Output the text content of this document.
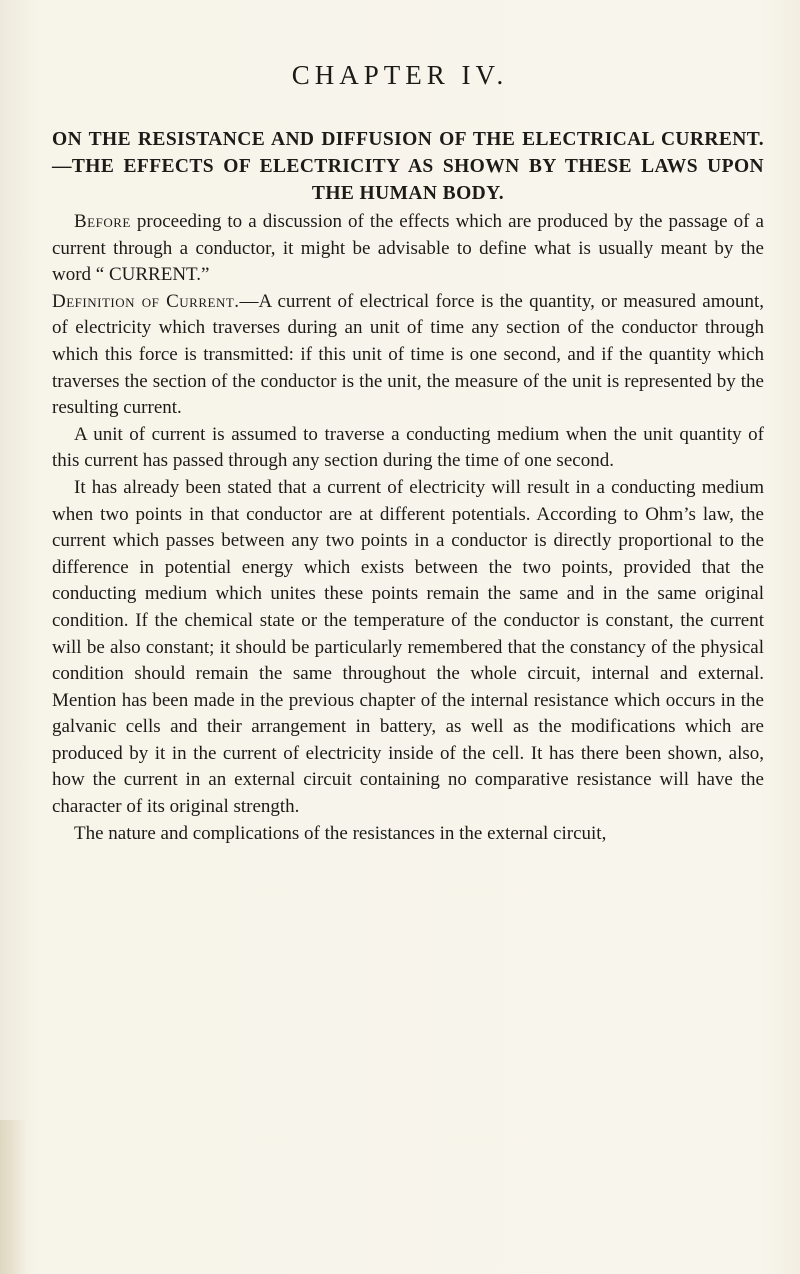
CHAPTER IV.
ON THE RESISTANCE AND DIFFUSION OF THE ELECTRICAL CURRENT.—THE EFFECTS OF ELECTRICITY AS SHOWN BY THESE LAWS UPON THE HUMAN BODY.

Before proceeding to a discussion of the effects which are produced by the passage of a current through a conductor, it might be advisable to define what is usually meant by the word “ CURRENT.”

Definition of Current.—A current of electrical force is the quantity, or measured amount, of electricity which traverses during an unit of time any section of the conductor through which this force is transmitted: if this unit of time is one second, and if the quantity which traverses the section of the conductor is the unit, the measure of the unit is represented by the resulting current.

A unit of current is assumed to traverse a conducting medium when the unit quantity of this current has passed through any section during the time of one second.

It has already been stated that a current of electricity will result in a conducting medium when two points in that conductor are at different potentials. According to Ohm’s law, the current which passes between any two points in a conductor is directly proportional to the difference in potential energy which exists between the two points, provided that the conducting medium which unites these points remain the same and in the same original condition. If the chemical state or the temperature of the conductor is constant, the current will be also constant; it should be particularly remembered that the constancy of the physical condition should remain the same throughout the whole circuit, internal and external. Mention has been made in the previous chapter of the internal resistance which occurs in the galvanic cells and their arrangement in battery, as well as the modifications which are produced by it in the current of electricity inside of the cell. It has there been shown, also, how the current in an external circuit containing no comparative resistance will have the character of its original strength.

The nature and complications of the resistances in the external circuit,
